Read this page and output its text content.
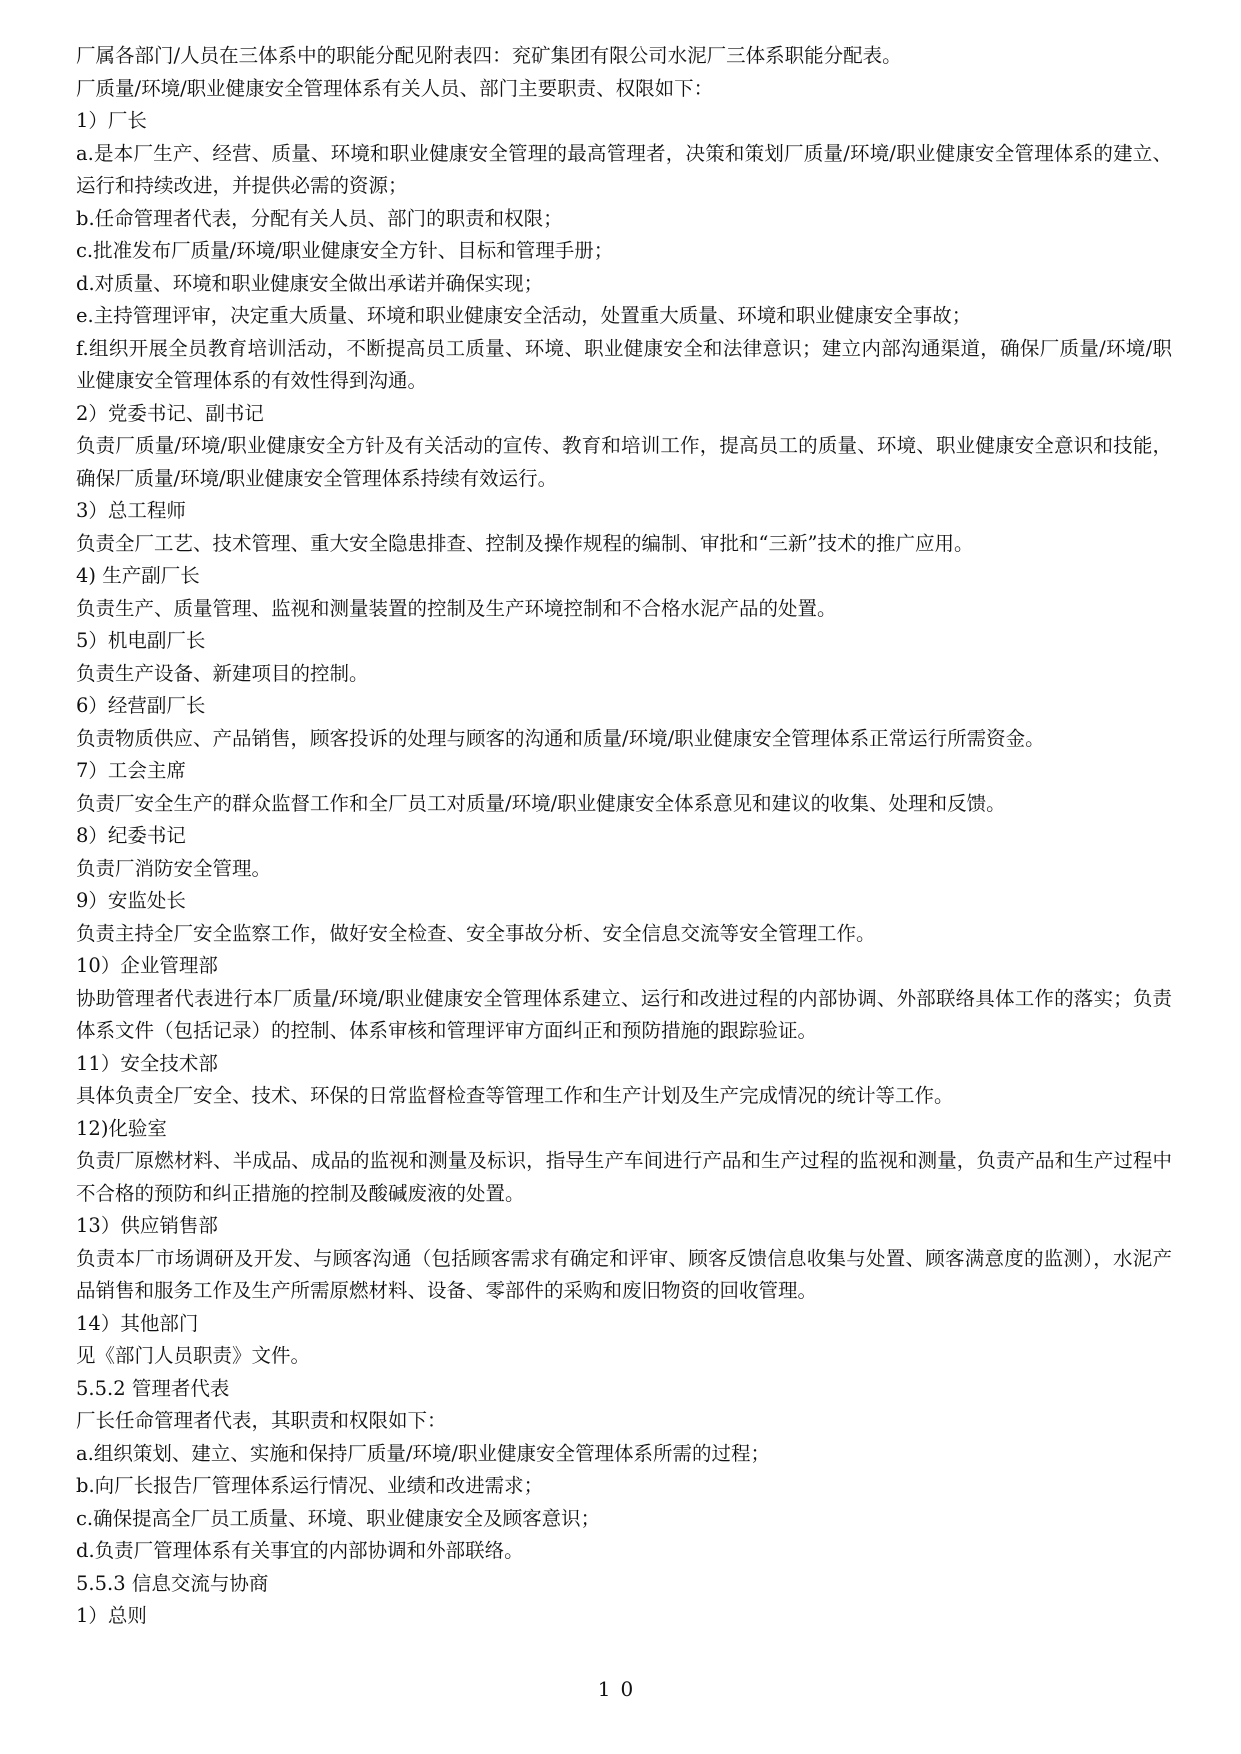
厂属各部门/人员在三体系中的职能分配见附表四：兖矿集团有限公司水泥厂三体系职能分配表。

厂质量/环境/职业健康安全管理体系有关人员、部门主要职责、权限如下：

1）厂长

a.是本厂生产、经营、质量、环境和职业健康安全管理的最高管理者，决策和策划厂质量/环境/职业健康安全管理体系的建立、运行和持续改进，并提供必需的资源；

b.任命管理者代表，分配有关人员、部门的职责和权限；

c.批准发布厂质量/环境/职业健康安全方针、目标和管理手册；

d.对质量、环境和职业健康安全做出承诺并确保实现；

e.主持管理评审，决定重大质量、环境和职业健康安全活动，处置重大质量、环境和职业健康安全事故；

f.组织开展全员教育培训活动，不断提高员工质量、环境、职业健康安全和法律意识；建立内部沟通渠道，确保厂质量/环境/职业健康安全管理体系的有效性得到沟通。

2）党委书记、副书记

负责厂质量/环境/职业健康安全方针及有关活动的宣传、教育和培训工作，提高员工的质量、环境、职业健康安全意识和技能，确保厂质量/环境/职业健康安全管理体系持续有效运行。

3）总工程师

负责全厂工艺、技术管理、重大安全隐患排查、控制及操作规程的编制、审批和“三新”技术的推广应用。

4) 生产副厂长

负责生产、质量管理、监视和测量装置的控制及生产环境控制和不合格水泥产品的处置。

5）机电副厂长

负责生产设备、新建项目的控制。

6）经营副厂长

负责物质供应、产品销售，顾客投诉的处理与顾客的沟通和质量/环境/职业健康安全管理体系正常运行所需资金。

7）工会主席

负责厂安全生产的群众监督工作和全厂员工对质量/环境/职业健康安全体系意见和建议的收集、处理和反馈。

8）纪委书记

负责厂消防安全管理。

9）安监处长

负责主持全厂安全监察工作，做好安全检查、安全事故分析、安全信息交流等安全管理工作。

10）企业管理部

协助管理者代表进行本厂质量/环境/职业健康安全管理体系建立、运行和改进过程的内部协调、外部联络具体工作的落实；负责体系文件（包括记录）的控制、体系审核和管理评审方面纠正和预防措施的跟踪验证。

11）安全技术部

具体负责全厂安全、技术、环保的日常监督检查等管理工作和生产计划及生产完成情况的统计等工作。

12)化验室

负责厂原燃材料、半成品、成品的监视和测量及标识，指导生产车间进行产品和生产过程的监视和测量，负责产品和生产过程中不合格的预防和纠正措施的控制及酸碱废液的处置。

13）供应销售部

负责本厂市场调研及开发、与顾客沟通（包括顾客需求有确定和评审、顾客反馈信息收集与处置、顾客满意度的监测），水泥产品销售和服务工作及生产所需原燃材料、设备、零部件的采购和废旧物资的回收管理。

14）其他部门

见《部门人员职责》文件。

5.5.2 管理者代表

厂长任命管理者代表，其职责和权限如下：

a.组织策划、建立、实施和保持厂质量/环境/职业健康安全管理体系所需的过程；

b.向厂长报告厂管理体系运行情况、业绩和改进需求；

c.确保提高全厂员工质量、环境、职业健康安全及顾客意识；

d.负责厂管理体系有关事宜的内部协调和外部联络。

5.5.3 信息交流与协商

1）总则

10
